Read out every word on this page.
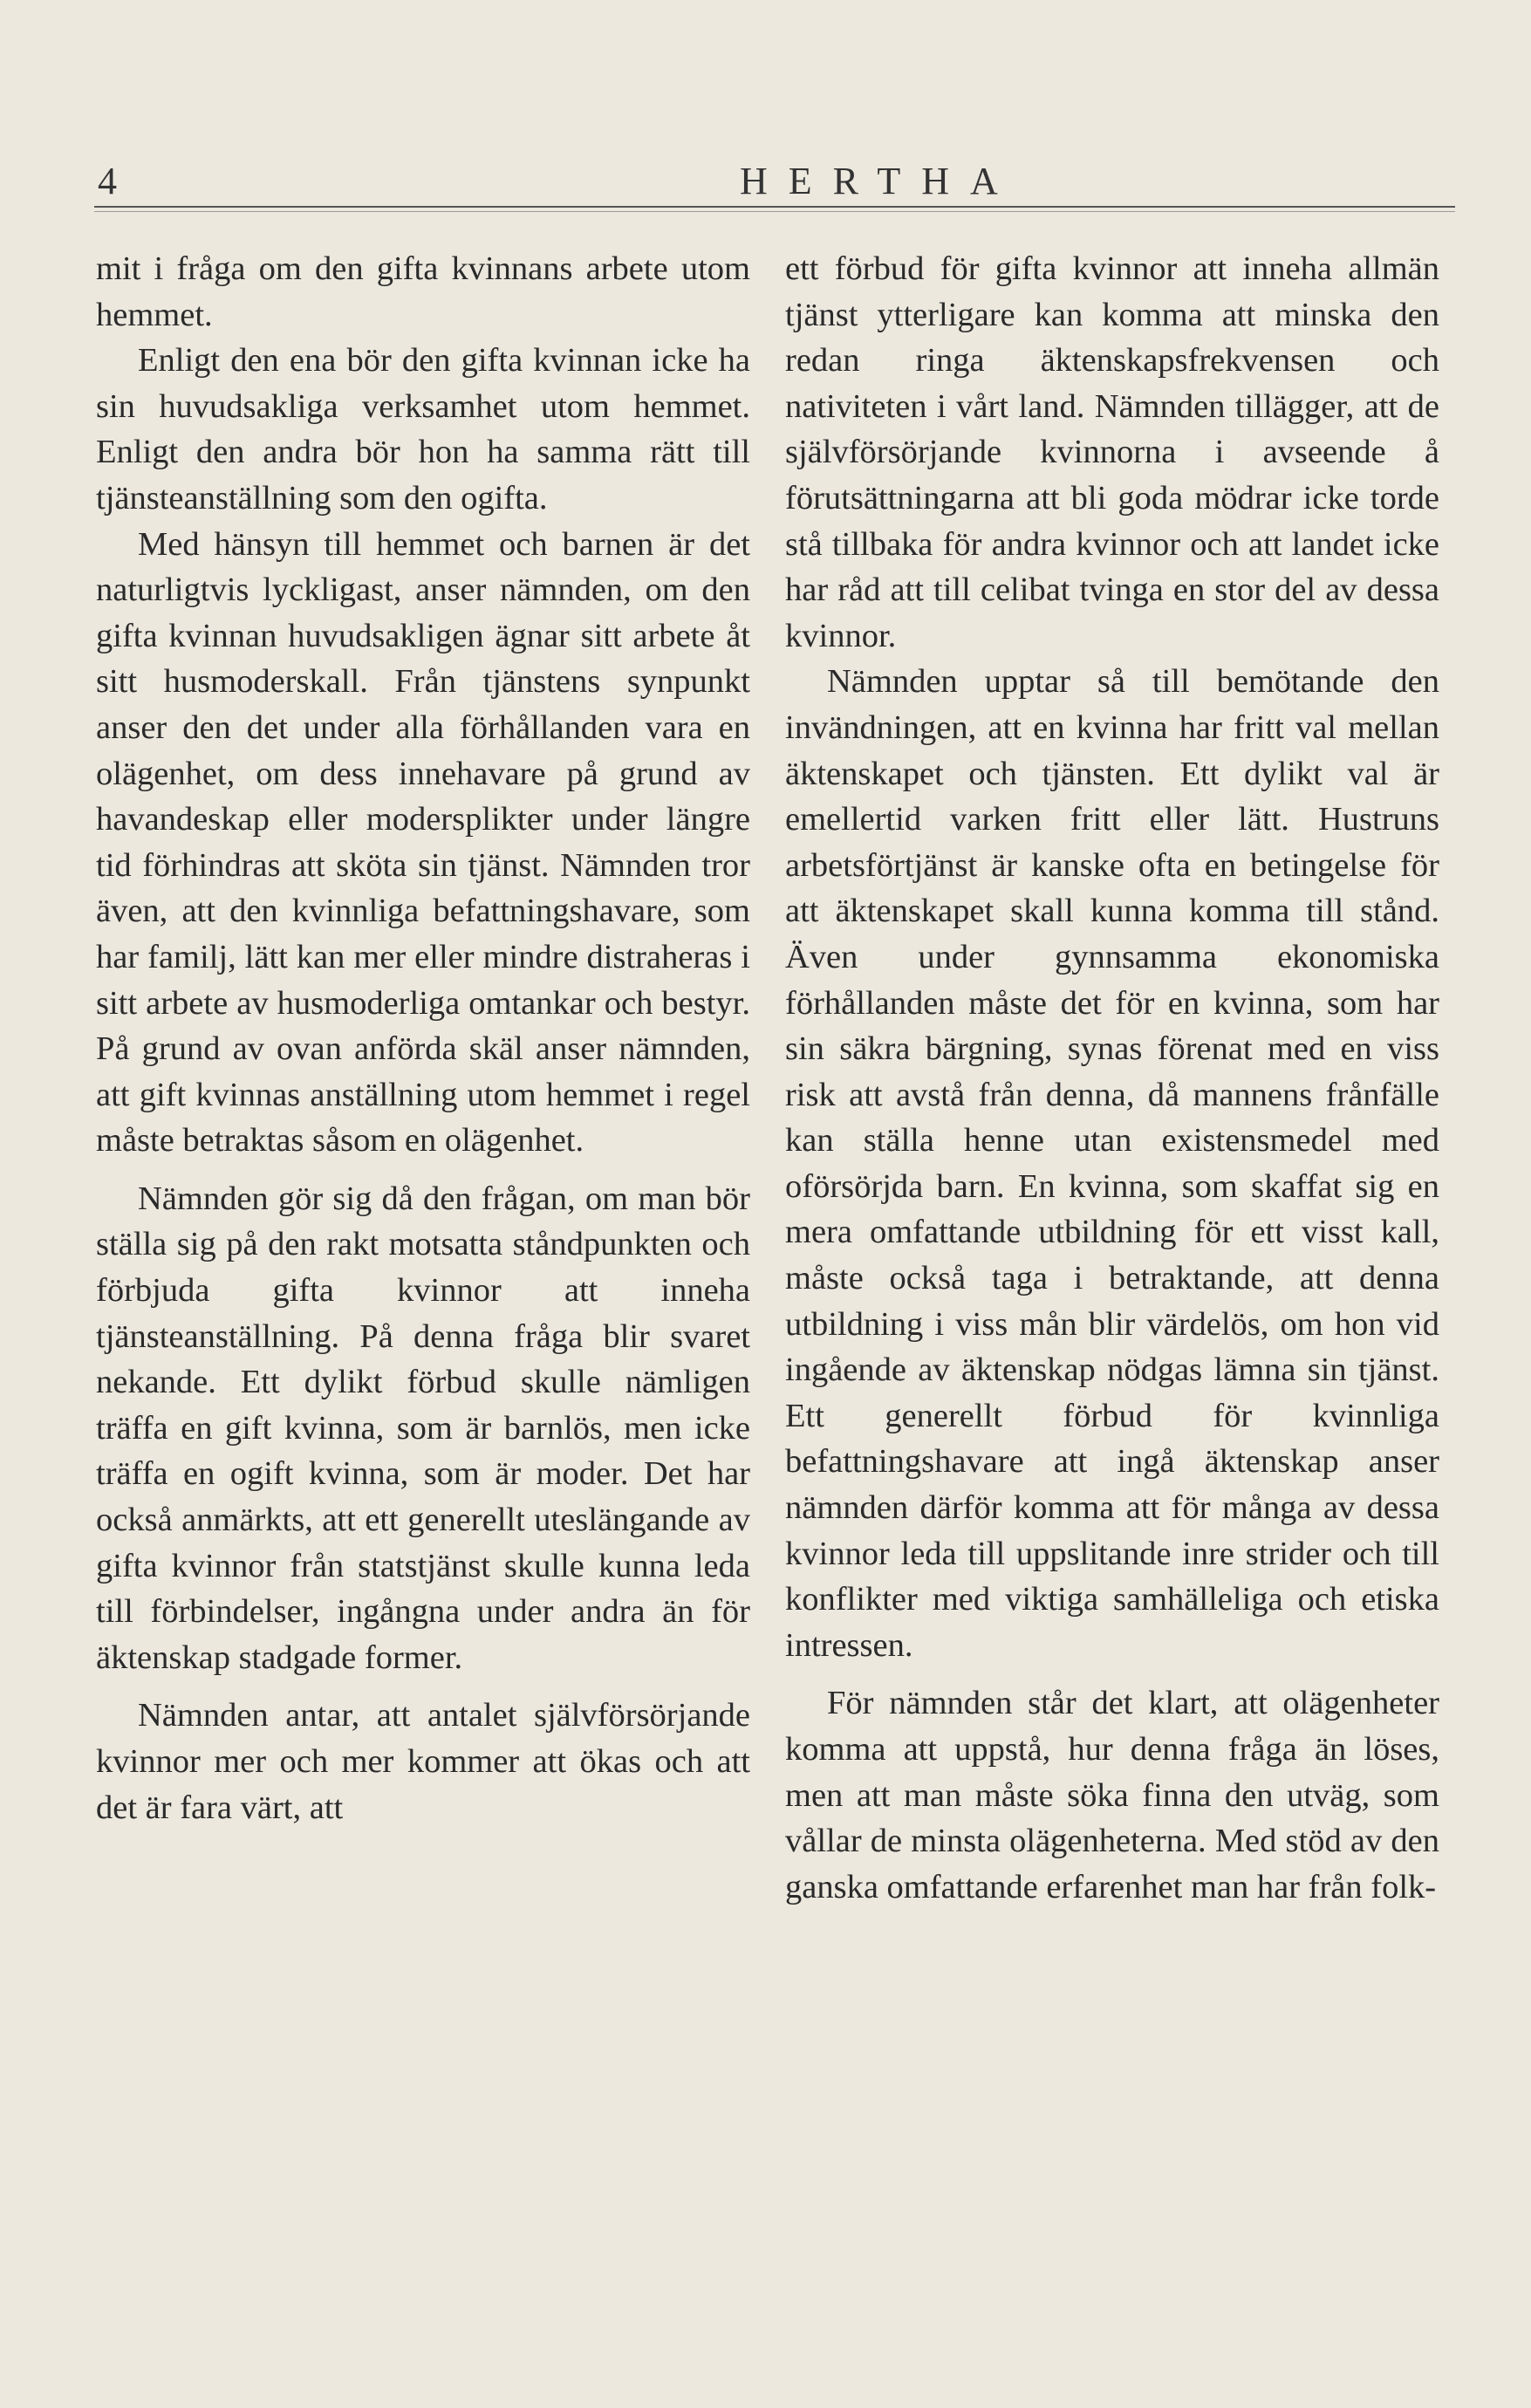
4	HERTHA

mit i fråga om den gifta kvinnans arbete utom hemmet.

Enligt den ena bör den gifta kvinnan icke ha sin huvudsakliga verksamhet utom hemmet. Enligt den andra bör hon ha samma rätt till tjänsteanställning som den ogifta.

Med hänsyn till hemmet och barnen är det naturligtvis lyckligast, anser nämnden, om den gifta kvinnan huvudsakligen ägnar sitt arbete åt sitt husmoderskall. Från tjänstens synpunkt anser den det under alla förhållanden vara en olägenhet, om dess innehavare på grund av havandeskap eller modersplikter under längre tid förhindras att sköta sin tjänst. Nämnden tror även, att den kvinnliga befattningshavare, som har familj, lätt kan mer eller mindre distraheras i sitt arbete av husmoderliga omtankar och bestyr. På grund av ovan anförda skäl anser nämnden, att gift kvinnas anställning utom hemmet i regel måste betraktas såsom en olägenhet.

Nämnden gör sig då den frågan, om man bör ställa sig på den rakt motsatta ståndpunkten och förbjuda gifta kvinnor att inneha tjänsteanställning. På denna fråga blir svaret nekande. Ett dylikt förbud skulle nämligen träffa en gift kvinna, som är barnlös, men icke träffa en ogift kvinna, som är moder. Det har också anmärkts, att ett generellt uteslängande av gifta kvinnor från statstjänst skulle kunna leda till förbindelser, ingångna under andra än för äktenskap stadgade former.

Nämnden antar, att antalet självförsörjande kvinnor mer och mer kommer att ökas och att det är fara värt, att

ett förbud för gifta kvinnor att inneha allmän tjänst ytterligare kan komma att minska den redan ringa äktenskapsfrekvensen och nativiteten i vårt land. Nämnden tillägger, att de självförsörjande kvinnorna i avseende å förutsättningarna att bli goda mödrar icke torde stå tillbaka för andra kvinnor och att landet icke har råd att till celibat tvinga en stor del av dessa kvinnor.

Nämnden upptar så till bemötande den invändningen, att en kvinna har fritt val mellan äktenskapet och tjänsten. Ett dylikt val är emellertid varken fritt eller lätt. Hustruns arbetsförtjänst är kanske ofta en betingelse för att äktenskapet skall kunna komma till stånd. Även under gynnsamma ekonomiska förhållanden måste det för en kvinna, som har sin säkra bärgning, synas förenat med en viss risk att avstå från denna, då mannens frånfälle kan ställa henne utan existensmedel med oförsörjda barn. En kvinna, som skaffat sig en mera omfattande utbildning för ett visst kall, måste också taga i betraktande, att denna utbildning i viss mån blir värdelös, om hon vid ingående av äktenskap nödgas lämna sin tjänst. Ett generellt förbud för kvinnliga befattningshavare att ingå äktenskap anser nämnden därför komma att för många av dessa kvinnor leda till uppslitande inre strider och till konflikter med viktiga samhälleliga och etiska intressen.

För nämnden står det klart, att olägenheter komma att uppstå, hur denna fråga än löses, men att man måste söka finna den utväg, som vållar de minsta olägenheterna. Med stöd av den ganska omfattande erfarenhet man har från folk-
